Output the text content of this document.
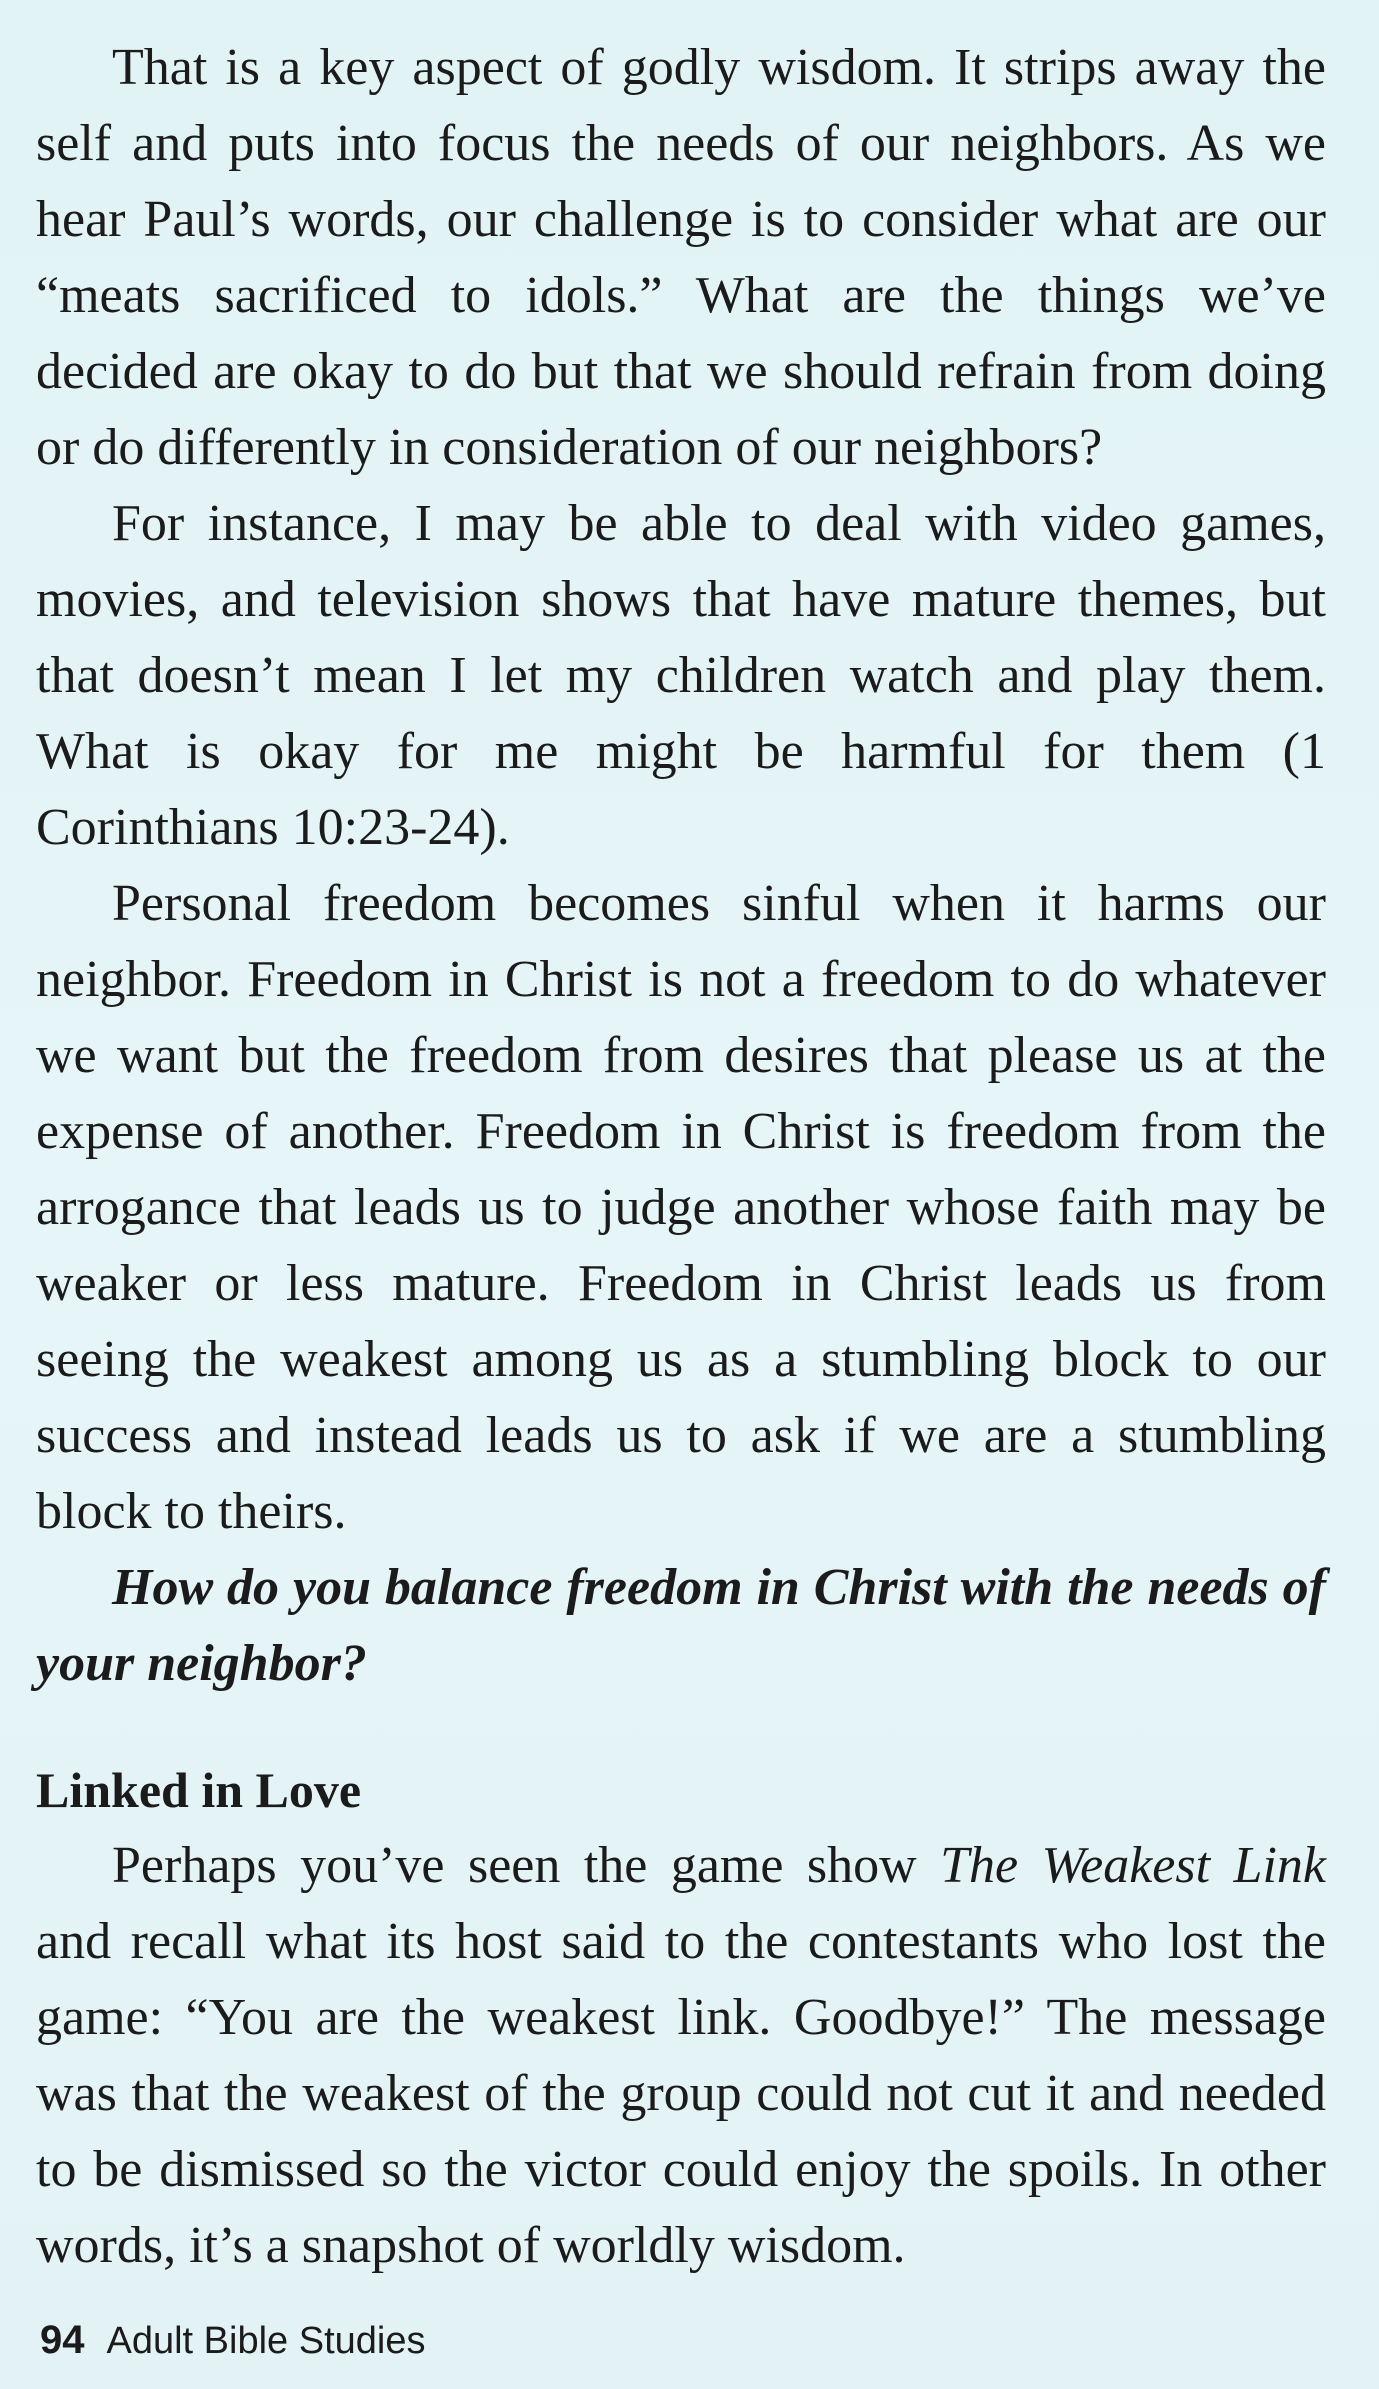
That is a key aspect of godly wisdom. It strips away the self and puts into focus the needs of our neighbors. As we hear Paul’s words, our challenge is to consider what are our “meats sacrificed to idols.” What are the things we’ve decided are okay to do but that we should refrain from doing or do differently in consideration of our neighbors?

For instance, I may be able to deal with video games, movies, and television shows that have mature themes, but that doesn’t mean I let my children watch and play them. What is okay for me might be harmful for them (1 Corinthians 10:23-24).

Personal freedom becomes sinful when it harms our neighbor. Freedom in Christ is not a freedom to do whatever we want but the freedom from desires that please us at the expense of another. Freedom in Christ is freedom from the arrogance that leads us to judge another whose faith may be weaker or less mature. Freedom in Christ leads us from seeing the weakest among us as a stumbling block to our success and instead leads us to ask if we are a stumbling block to theirs.

How do you balance freedom in Christ with the needs of your neighbor?

Linked in Love

Perhaps you’ve seen the game show The Weakest Link and recall what its host said to the contestants who lost the game: “You are the weakest link. Goodbye!” The message was that the weakest of the group could not cut it and needed to be dismissed so the victor could enjoy the spoils. In other words, it’s a snapshot of worldly wisdom.

94 Adult Bible Studies
